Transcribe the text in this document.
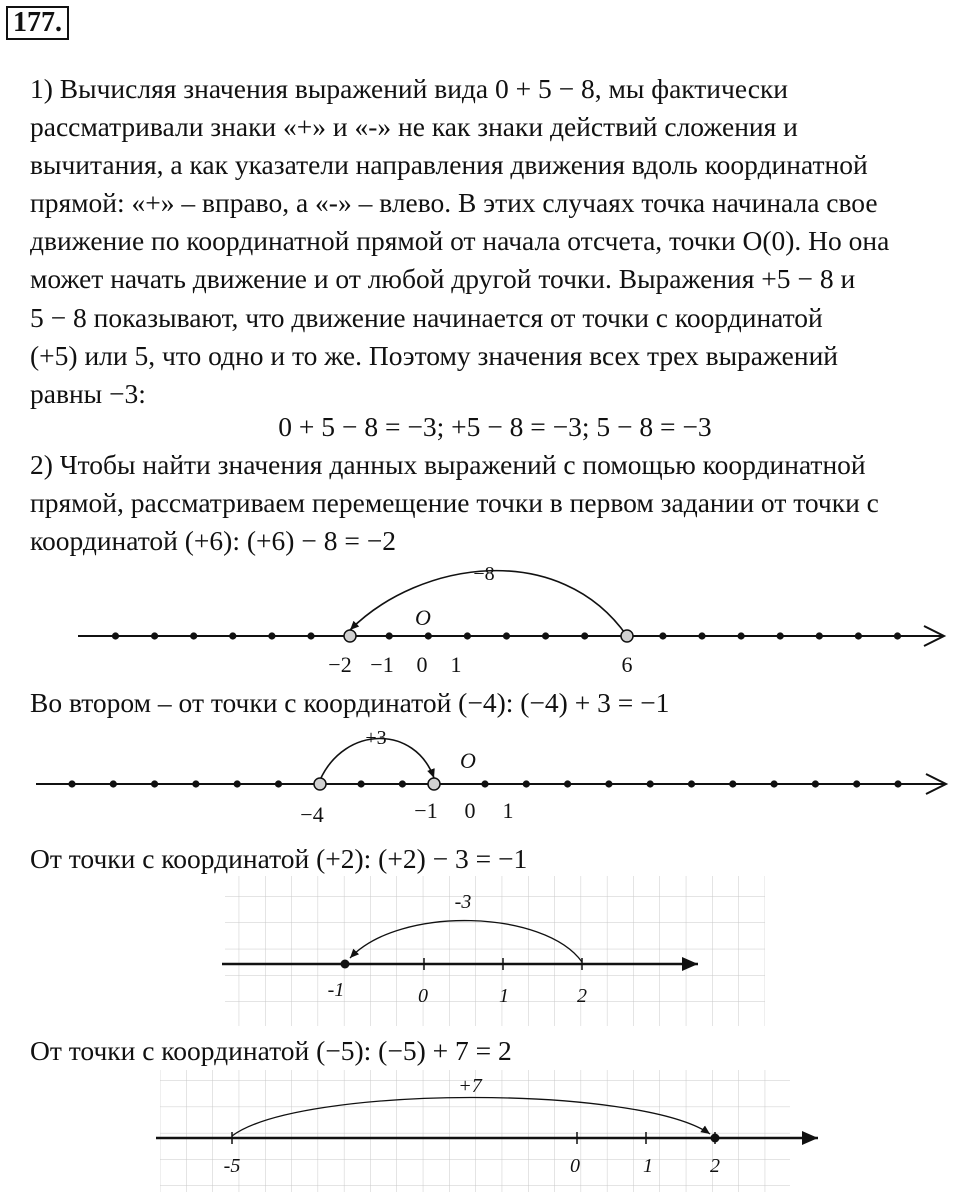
177.

1) Вычисляя значения выражений вида 0 + 5 − 8, мы фактически
рассматривали знаки «+» и «-» не как знаки действий сложения и
вычитания, а как указатели направления движения вдоль координатной
прямой: «+» – вправо, а «-» – влево. В этих случаях точка начинала свое
движение по координатной прямой от начала отсчета, точки O(0). Но она
может начать движение и от любой другой точки. Выражения +5 − 8 и
5 − 8 показывают, что движение начинается от точки с координатой
(+5) или 5, что одно и то же. Поэтому значения всех трех выражений
равны −3:

0 + 5 − 8 = −3; +5 − 8 = −3; 5 − 8 = −3

2) Чтобы найти значения данных выражений с помощью координатной
прямой, рассматриваем перемещение точки в первом задании от точки с
координатой (+6): (+6) − 8 = −2

Во втором – от точки с координатой (−4): (−4) + 3 = −1
От точки с координатой (+2): (+2) − 3 = −1
От точки с координатой (−5): (−5) + 7 = 2
−8
O
−2 −1 0 1	6
+3
O
−4	−1 0 1
-3
-1	0	1	2
+7
-5	0	1	2
